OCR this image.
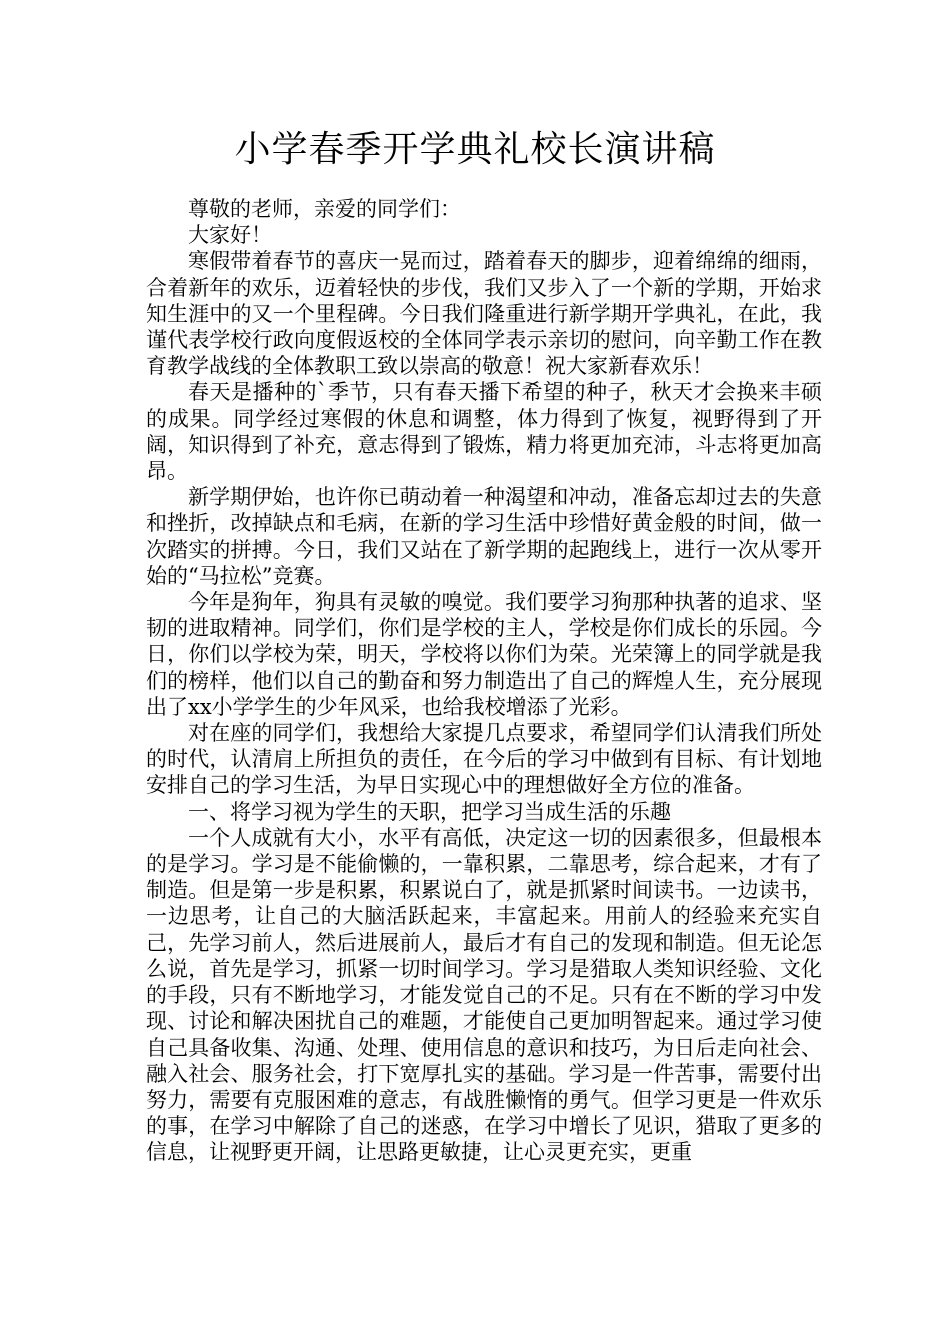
小学春季开学典礼校长演讲稿

尊敬的老师，亲爱的同学们：

大家好！

寒假带着春节的喜庆一晃而过，踏着春天的脚步，迎着绵绵的细雨，合着新年的欢乐，迈着轻快的步伐，我们又步入了一个新的学期，开始求知生涯中的又一个里程碑。今日我们隆重进行新学期开学典礼，在此，我谨代表学校行政向度假返校的全体同学表示亲切的慰问，向辛勤工作在教育教学战线的全体教职工致以崇高的敬意！祝大家新春欢乐！

春天是播种的`季节，只有春天播下希望的种子，秋天才会换来丰硕的成果。同学经过寒假的休息和调整，体力得到了恢复，视野得到了开阔，知识得到了补充，意志得到了锻炼，精力将更加充沛，斗志将更加高昂。

新学期伊始，也许你已萌动着一种渴望和冲动，准备忘却过去的失意和挫折，改掉缺点和毛病，在新的学习生活中珍惜好黄金般的时间，做一次踏实的拼搏。今日，我们又站在了新学期的起跑线上，进行一次从零开始的“马拉松”竞赛。

今年是狗年，狗具有灵敏的嗅觉。我们要学习狗那种执著的追求、坚韧的进取精神。同学们，你们是学校的主人，学校是你们成长的乐园。今日，你们以学校为荣，明天，学校将以你们为荣。光荣簿上的同学就是我们的榜样，他们以自己的勤奋和努力制造出了自己的辉煌人生，充分展现出了xx小学学生的少年风采，也给我校增添了光彩。

对在座的同学们，我想给大家提几点要求，希望同学们认清我们所处的时代，认清肩上所担负的责任，在今后的学习中做到有目标、有计划地安排自己的学习生活，为早日实现心中的理想做好全方位的准备。

一、将学习视为学生的天职，把学习当成生活的乐趣

一个人成就有大小，水平有高低，决定这一切的因素很多，但最根本的是学习。学习是不能偷懒的，一靠积累，二靠思考，综合起来，才有了制造。但是第一步是积累，积累说白了，就是抓紧时间读书。一边读书，一边思考，让自己的大脑活跃起来，丰富起来。用前人的经验来充实自己，先学习前人，然后进展前人，最后才有自己的发现和制造。但无论怎么说，首先是学习，抓紧一切时间学习。学习是猎取人类知识经验、文化的手段，只有不断地学习，才能发觉自己的不足。只有在不断的学习中发现、讨论和解决困扰自己的难题，才能使自己更加明智起来。通过学习使自己具备收集、沟通、处理、使用信息的意识和技巧，为日后走向社会、融入社会、服务社会，打下宽厚扎实的基础。学习是一件苦事，需要付出努力，需要有克服困难的意志，有战胜懒惰的勇气。但学习更是一件欢乐的事，在学习中解除了自己的迷惑，在学习中增长了见识，猎取了更多的信息，让视野更开阔，让思路更敏捷，让心灵更充实，更重
